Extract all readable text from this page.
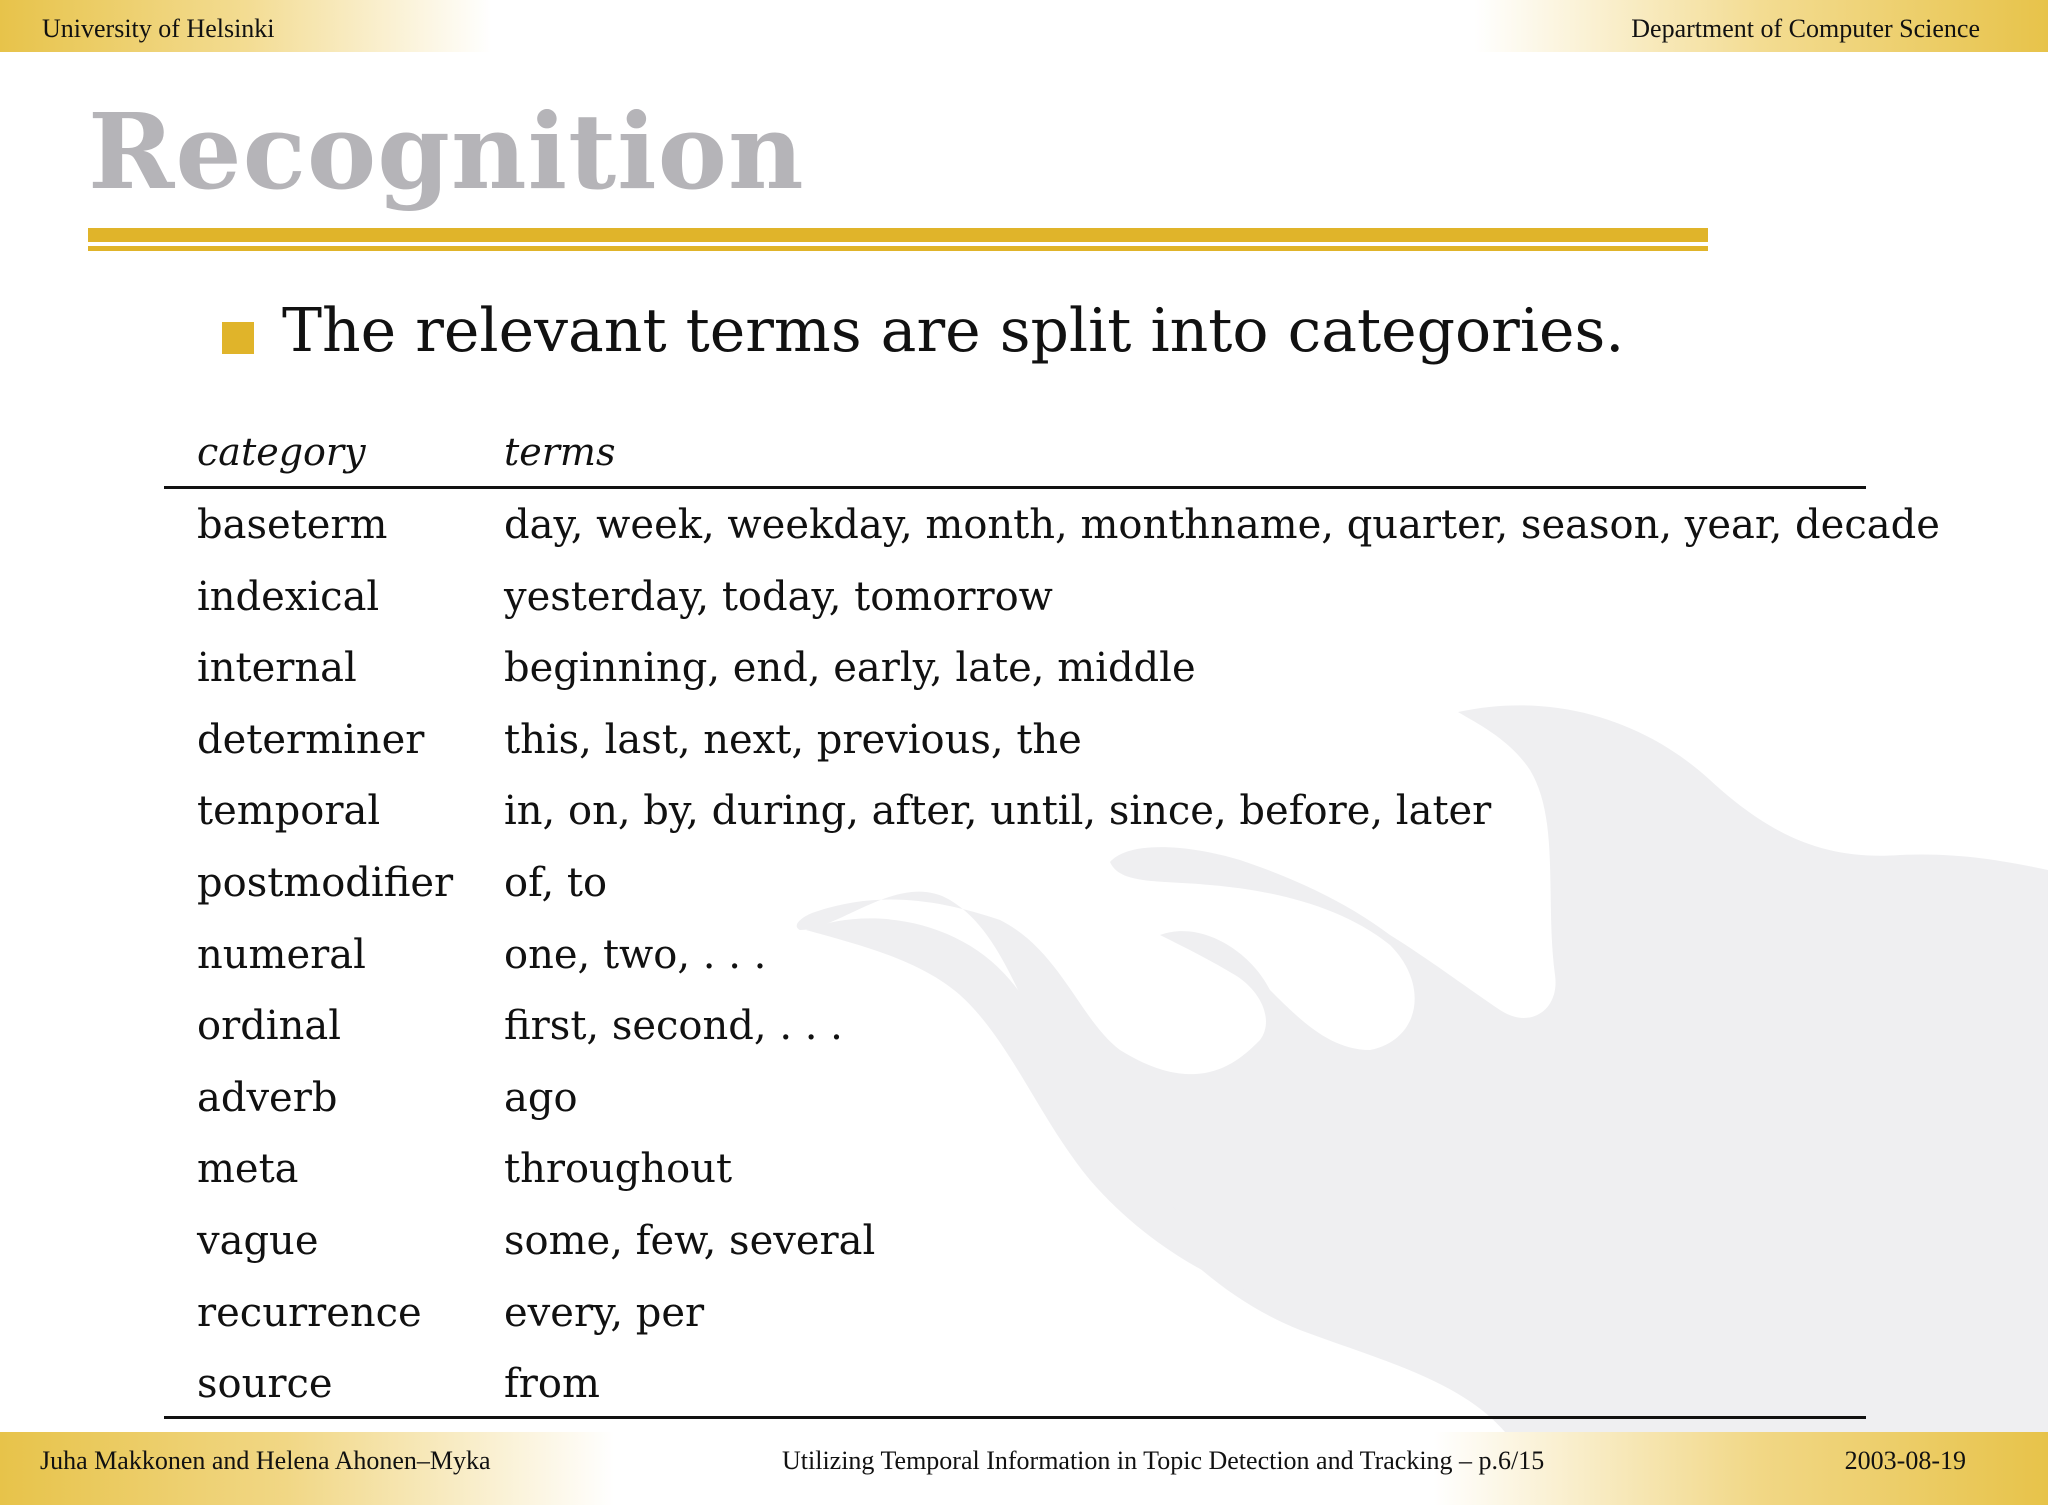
University of Helsinki	Department of Computer Science
Recognition
The relevant terms are split into categories.
category	terms
baseterm	day, week, weekday, month, monthname, quarter, season, year, decade
indexical	yesterday, today, tomorrow
internal	beginning, end, early, late, middle
determiner this, last, next, previous, the
temporal	in, on, by, during, after, until, since, before, later
postmodifier of, to
numeral	one, two, . . .
ordinal	first, second, . . .
adverb	ago
meta	throughout
vague	some, few, several
recurrence every, per
source	from
Juha Makkonen and Helena Ahonen–Myka	Utilizing Temporal Information in Topic Detection and Tracking – p.6/15	2003-08-19
